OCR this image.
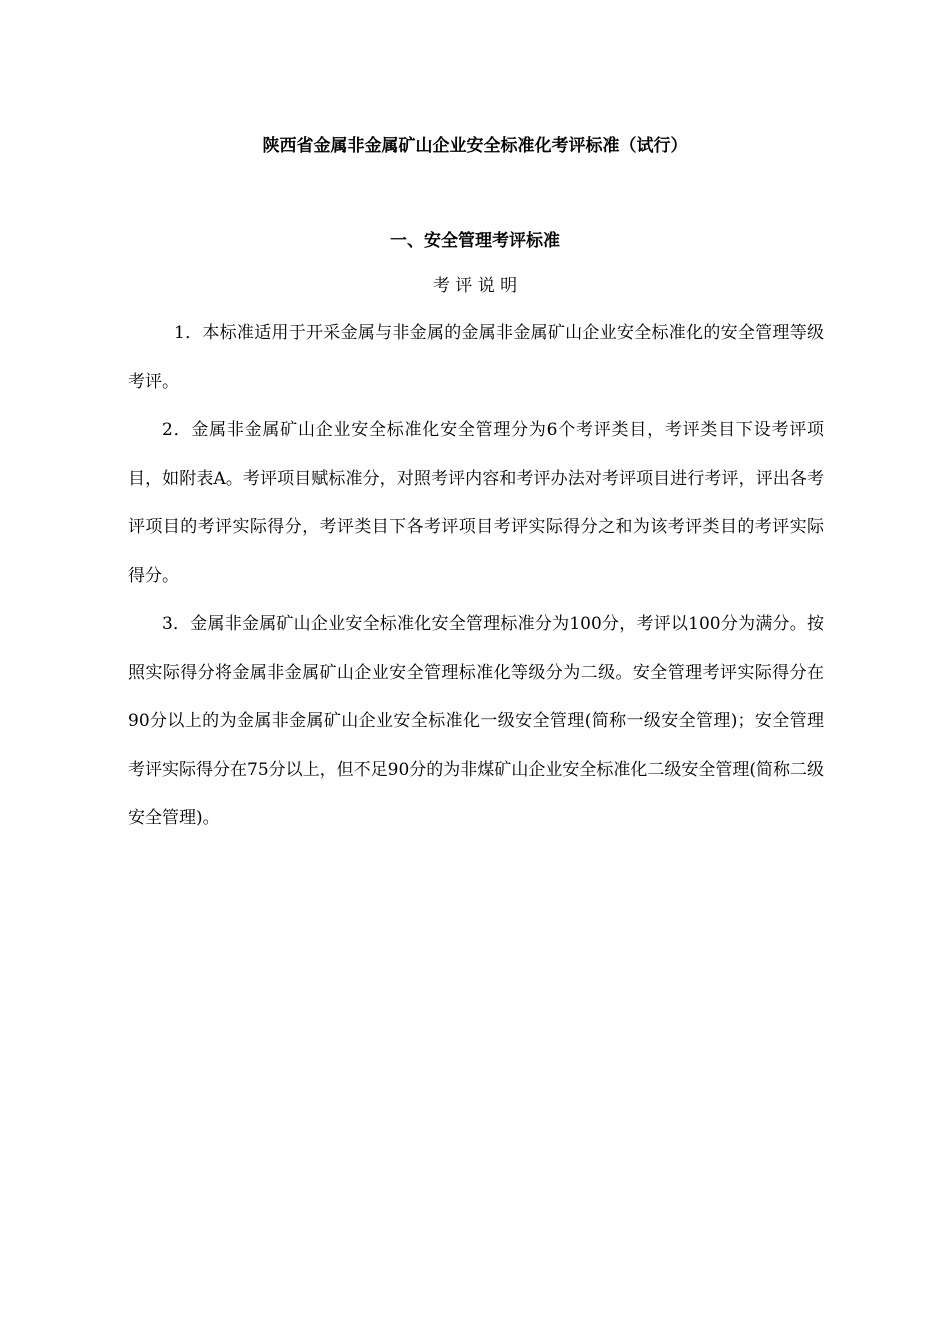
陕西省金属非金属矿山企业安全标准化考评标准（试行）
一、安全管理考评标准
考 评 说 明

1．本标准适用于开采金属与非金属的金属非金属矿山企业安全标准化的安全管理等级考评。

2．金属非金属矿山企业安全标准化安全管理分为6个考评类目，考评类目下设考评项目，如附表A。考评项目赋标准分，对照考评内容和考评办法对考评项目进行考评，评出各考评项目的考评实际得分，考评类目下各考评项目考评实际得分之和为该考评类目的考评实际得分。

3．金属非金属矿山企业安全标准化安全管理标准分为100分，考评以100分为满分。按照实际得分将金属非金属矿山企业安全管理标准化等级分为二级。安全管理考评实际得分在90分以上的为金属非金属矿山企业安全标准化一级安全管理(简称一级安全管理)；安全管理考评实际得分在75分以上，但不足90分的为非煤矿山企业安全标准化二级安全管理(简称二级安全管理)。
